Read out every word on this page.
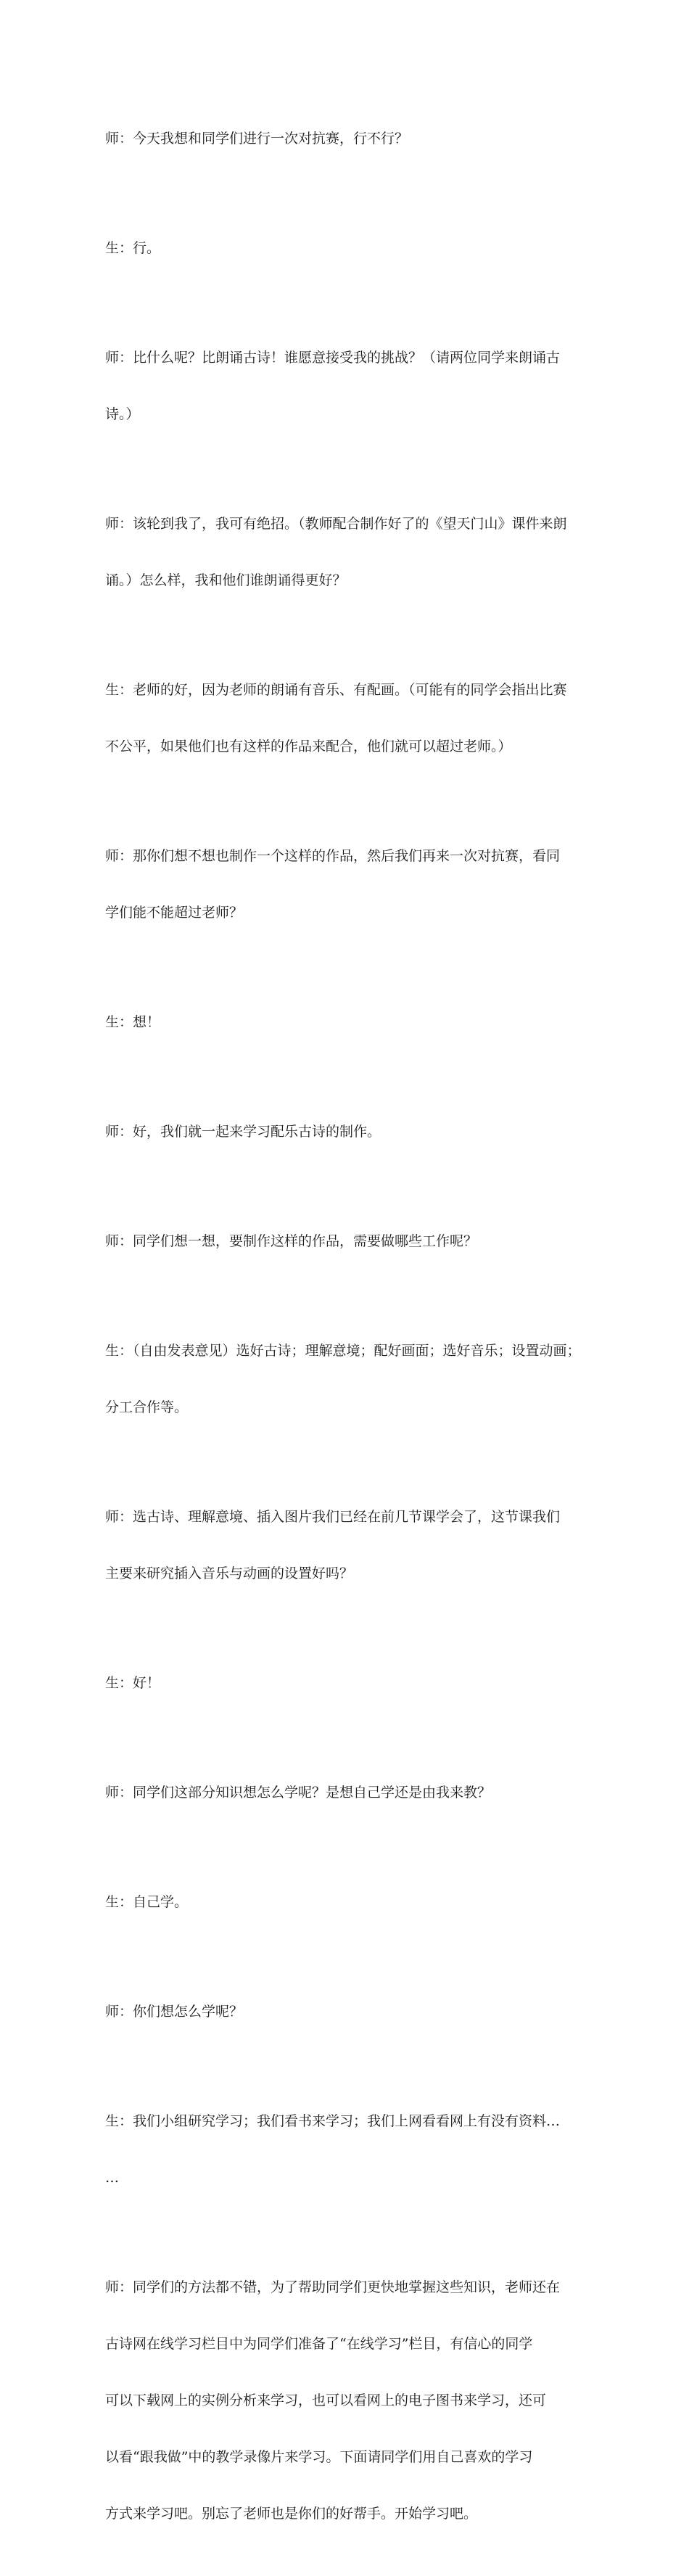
师：今天我想和同学们进行一次对抗赛，行不行？

生：行。

师：比什么呢？比朗诵古诗！谁愿意接受我的挑战？（请两位同学来朗诵古

诗。）

师：该轮到我了，我可有绝招。（教师配合制作好了的《望天门山》课件来朗

诵。）怎么样，我和他们谁朗诵得更好？

生：老师的好，因为老师的朗诵有音乐、有配画。（可能有的同学会指出比赛

不公平，如果他们也有这样的作品来配合，他们就可以超过老师。）

师：那你们想不想也制作一个这样的作品，然后我们再来一次对抗赛，看同

学们能不能超过老师？

生：想！

师：好，我们就一起来学习配乐古诗的制作。

师：同学们想一想，要制作这样的作品，需要做哪些工作呢？

生：（自由发表意见）选好古诗；理解意境；配好画面；选好音乐；设置动画；

分工合作等。

师：选古诗、理解意境、插入图片我们已经在前几节课学会了，这节课我们

主要来研究插入音乐与动画的设置好吗？

生：好！

师：同学们这部分知识想怎么学呢？是想自己学还是由我来教？

生：自己学。

师：你们想怎么学呢？

生：我们小组研究学习；我们看书来学习；我们上网看看网上有没有资料…

…

师：同学们的方法都不错，为了帮助同学们更快地掌握这些知识，老师还在

古诗网在线学习栏目中为同学们准备了“在线学习”栏目，有信心的同学

可以下载网上的实例分析来学习，也可以看网上的电子图书来学习，还可

以看“跟我做”中的教学录像片来学习。下面请同学们用自己喜欢的学习

方式来学习吧。别忘了老师也是你们的好帮手。开始学习吧。
